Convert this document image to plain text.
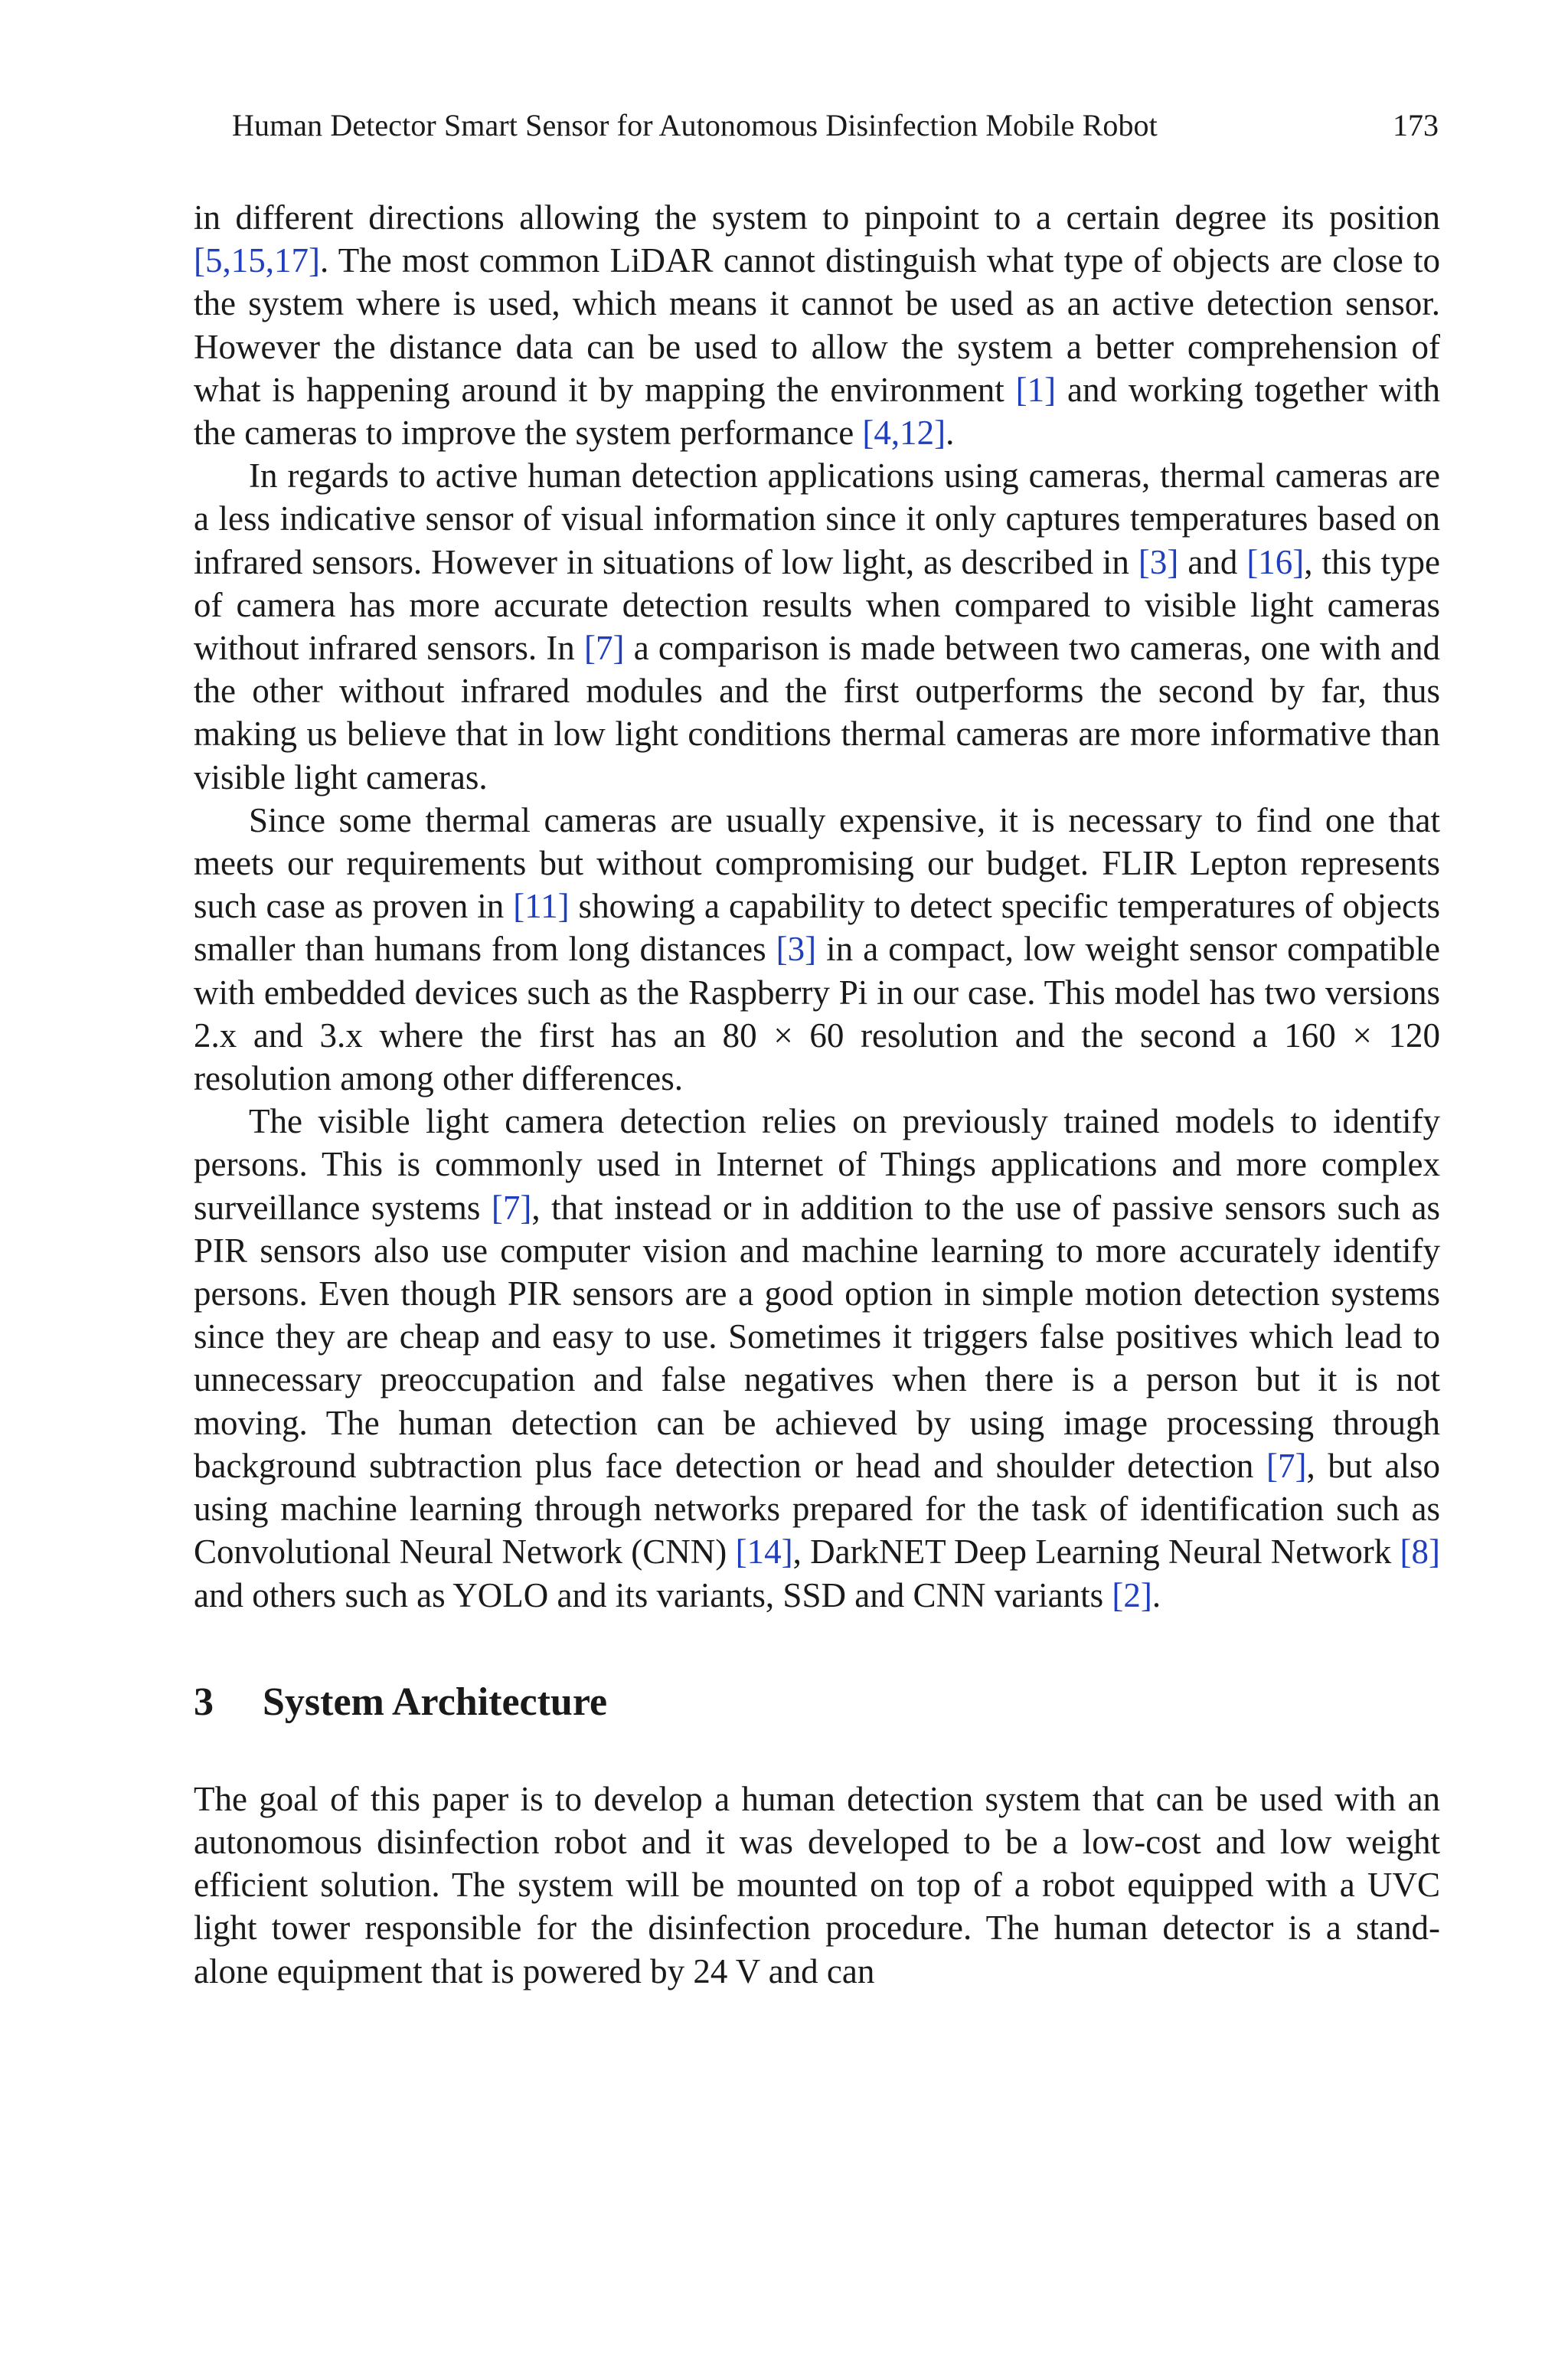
Human Detector Smart Sensor for Autonomous Disinfection Mobile Robot	173

in different directions allowing the system to pinpoint to a certain degree its position [5,15,17]. The most common LiDAR cannot distinguish what type of objects are close to the system where is used, which means it cannot be used as an active detection sensor. However the distance data can be used to allow the system a better comprehension of what is happening around it by mapping the environment [1] and working together with the cameras to improve the system performance [4,12].

In regards to active human detection applications using cameras, thermal cameras are a less indicative sensor of visual information since it only captures temperatures based on infrared sensors. However in situations of low light, as described in [3] and [16], this type of camera has more accurate detection results when compared to visible light cameras without infrared sensors. In [7] a comparison is made between two cameras, one with and the other without infrared modules and the first outperforms the second by far, thus making us believe that in low light conditions thermal cameras are more informative than visible light cameras.

Since some thermal cameras are usually expensive, it is necessary to find one that meets our requirements but without compromising our budget. FLIR Lepton represents such case as proven in [11] showing a capability to detect specific temperatures of objects smaller than humans from long distances [3] in a compact, low weight sensor compatible with embedded devices such as the Raspberry Pi in our case. This model has two versions 2.x and 3.x where the first has an 80 × 60 resolution and the second a 160 × 120 resolution among other differences.

The visible light camera detection relies on previously trained models to identify persons. This is commonly used in Internet of Things applications and more complex surveillance systems [7], that instead or in addition to the use of passive sensors such as PIR sensors also use computer vision and machine learning to more accurately identify persons. Even though PIR sensors are a good option in simple motion detection systems since they are cheap and easy to use. Sometimes it triggers false positives which lead to unnecessary preoccupation and false negatives when there is a person but it is not moving. The human detection can be achieved by using image processing through background subtraction plus face detection or head and shoulder detection [7], but also using machine learning through networks prepared for the task of identification such as Convolutional Neural Network (CNN) [14], DarkNET Deep Learning Neural Network [8] and others such as YOLO and its variants, SSD and CNN variants [2].

3	System Architecture

The goal of this paper is to develop a human detection system that can be used with an autonomous disinfection robot and it was developed to be a low-cost and low weight efficient solution. The system will be mounted on top of a robot equipped with a UVC light tower responsible for the disinfection procedure. The human detector is a stand-alone equipment that is powered by 24 V and can
